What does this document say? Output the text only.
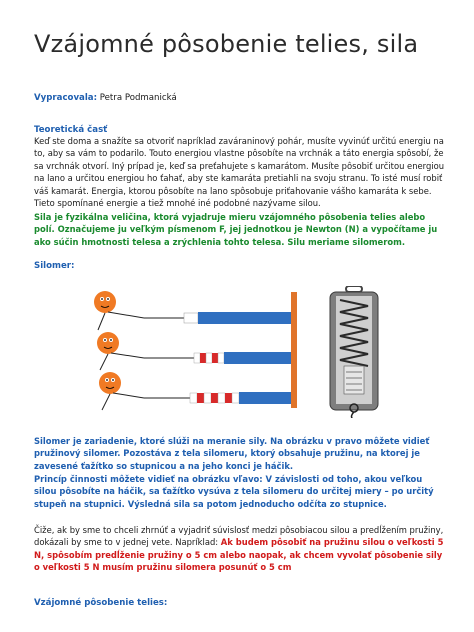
Vzájomné pôsobenie telies, sila
Vypracovala: Petra Podmanická
Teoretická časť
Keď ste doma a snažíte sa otvoriť napríklad zaváraninový pohár, musíte vyvinúť určitú energiu na to, aby sa vám to podarilo. Touto energiou vlastne pôsobíte na vrchnák a táto energia spôsobí, že sa vrchnák otvorí. Iný prípad je, keď sa preťahujete s kamarátom. Musíte pôsobiť určitou energiou na lano a určitou energiou ho ťahať, aby ste kamaráta pretiahli na svoju stranu. To isté musí robiť váš kamarát. Energia, ktorou pôsobíte na lano spôsobuje priťahovanie vášho kamaráta k sebe. Tieto spomínané energie a tiež mnohé iné podobné nazývame silou.
Sila je fyzikálna veličina, ktorá vyjadruje mieru vzájomného pôsobenia telies alebo polí. Označujeme ju veľkým písmenom F, jej jednotkou je Newton (N) a vypočítame ju ako súčin hmotnosti telesa a zrýchlenia tohto telesa. Silu meriame silomerom.
Silomer:
Silomer je zariadenie, ktoré slúži na meranie sily. Na obrázku v pravo môžete vidieť pružinový silomer. Pozostáva z tela silomeru, ktorý obsahuje pružinu, na ktorej je zavesené ťažítko so stupnicou a na jeho konci je háčik.
Princíp činnosti môžete vidieť na obrázku vľavo: V závislosti od toho, akou veľkou silou pôsobíte na háčik, sa ťažítko vysúva z tela silomeru do určitej miery – po určitý stupeň na stupnici. Výsledná sila sa potom jednoducho odčíta zo stupnice.
Čiže, ak by sme to chceli zhrnúť a vyjadriť súvislosť medzi pôsobiacou silou a predĺžením pružiny, dokázali by sme to v jednej vete. Napríklad: Ak budem pôsobiť na pružinu silou o veľkosti 5 N, spôsobím predĺženie pružiny o 5 cm alebo naopak, ak chcem vyvolať pôsobenie sily o veľkosti 5 N musím pružinu silomera posunúť o 5 cm
Vzájomné pôsobenie telies:
